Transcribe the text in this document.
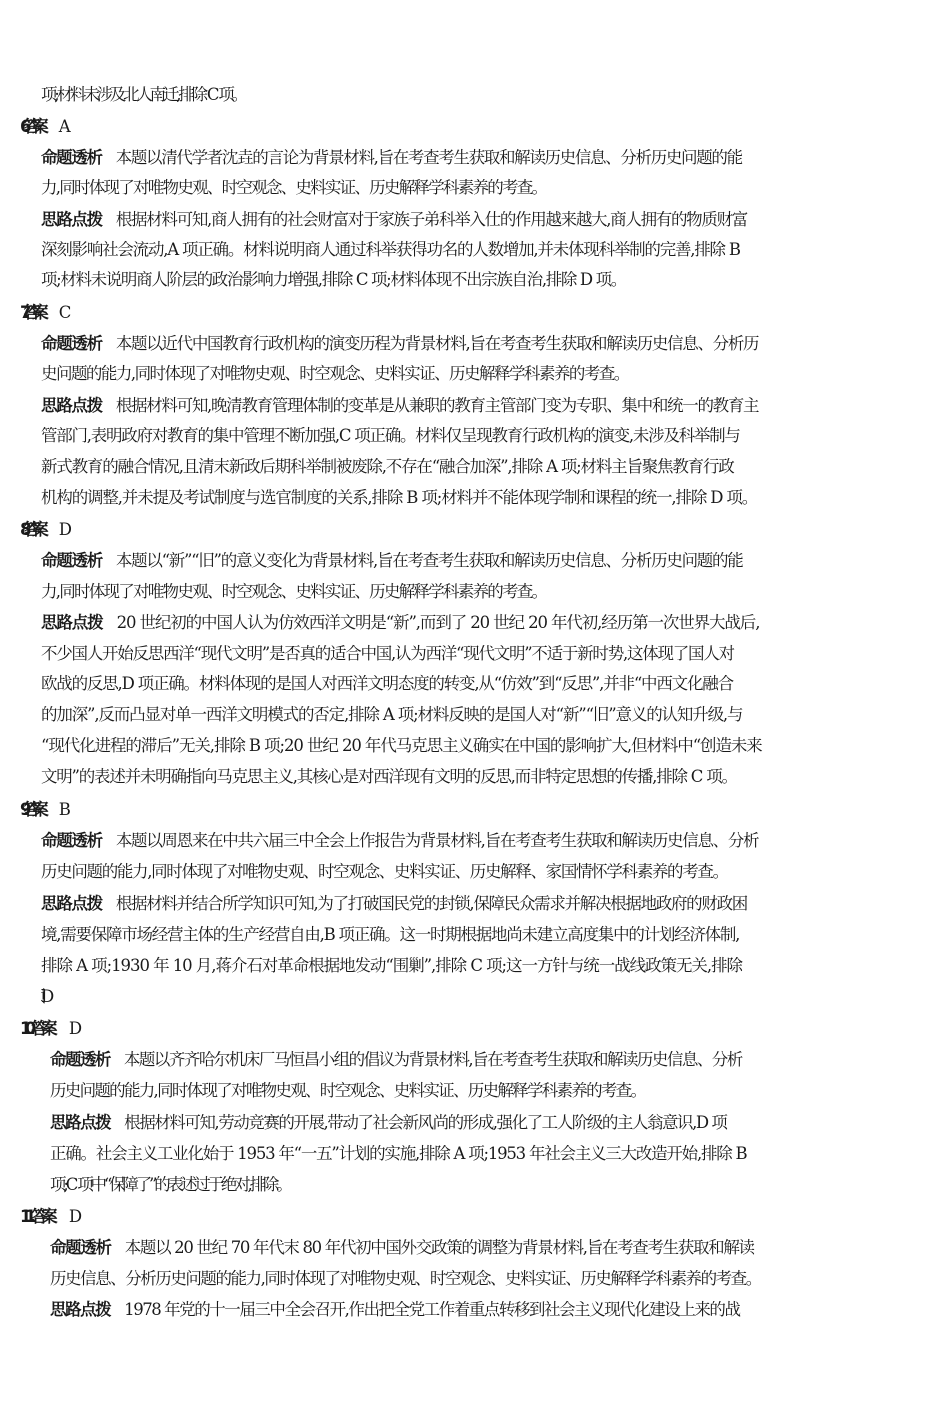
项;材料未涉及北人南迁,排除 C 项。
6. 答案 A
命题透析 本题以清代学者沈垚的言论为背景材料,旨在考查考生获取和解读历史信息、分析历史问题的能
力,同时体现了对唯物史观、时空观念、史料实证、历史解释学科素养的考查。
思路点拨 根据材料可知,商人拥有的社会财富对于家族子弟科举入仕的作用越来越大,商人拥有的物质财富
深刻影响社会流动,A 项正确。材料说明商人通过科举获得功名的人数增加,并未体现科举制的完善,排除 B
项;材料未说明商人阶层的政治影响力增强,排除 C 项;材料体现不出宗族自治,排除 D 项。
7. 答案 C
命题透析 本题以近代中国教育行政机构的演变历程为背景材料,旨在考查考生获取和解读历史信息、分析历
史问题的能力,同时体现了对唯物史观、时空观念、史料实证、历史解释学科素养的考查。
思路点拨 根据材料可知,晚清教育管理体制的变革是从兼职的教育主管部门变为专职、集中和统一的教育主
管部门,表明政府对教育的集中管理不断加强,C 项正确。材料仅呈现教育行政机构的演变,未涉及科举制与
新式教育的融合情况,且清末新政后期科举制被废除,不存在“融合加深”,排除 A 项;材料主旨聚焦教育行政
机构的调整,并未提及考试制度与选官制度的关系,排除 B 项;材料并不能体现学制和课程的统一,排除 D 项。
8. 答案 D
命题透析 本题以“新”“旧”的意义变化为背景材料,旨在考查考生获取和解读历史信息、分析历史问题的能
力,同时体现了对唯物史观、时空观念、史料实证、历史解释学科素养的考查。
思路点拨 20 世纪初的中国人认为仿效西洋文明是“新”,而到了 20 世纪 20 年代初,经历第一次世界大战后,
不少国人开始反思西洋“现代文明”是否真的适合中国,认为西洋“现代文明”不适于新时势,这体现了国人对
欧战的反思,D 项正确。材料体现的是国人对西洋文明态度的转变,从“仿效”到“反思”,并非“中西文化融合
的加深”,反而凸显对单一西洋文明模式的否定,排除 A 项;材料反映的是国人对“新”“旧”意义的认知升级,与
“现代化进程的滞后”无关,排除 B 项;20 世纪 20 年代马克思主义确实在中国的影响扩大,但材料中“创造未来
文明”的表述并未明确指向马克思主义,其核心是对西洋现有文明的反思,而非特定思想的传播,排除 C 项。
9. 答案 B
命题透析 本题以周恩来在中共六届三中全会上作报告为背景材料,旨在考查考生获取和解读历史信息、分析
历史问题的能力,同时体现了对唯物史观、时空观念、史料实证、历史解释、家国情怀学科素养的考查。
思路点拨 根据材料并结合所学知识可知,为了打破国民党的封锁,保障民众需求并解决根据地政府的财政困
境,需要保障市场经营主体的生产经营自由,B 项正确。这一时期根据地尚未建立高度集中的计划经济体制,
排除 A 项;1930 年 10 月,蒋介石对革命根据地发动“围剿”,排除 C 项;这一方针与统一战线政策无关,排除
10. 答案 D
命题透析 本题以齐齐哈尔机床厂马恒昌小组的倡议为背景材料,旨在考查考生获取和解读历史信息、分析
历史问题的能力,同时体现了对唯物史观、时空观念、史料实证、历史解释学科素养的考查。
思路点拨 根据材料可知,劳动竞赛的开展,带动了社会新风尚的形成,强化了工人阶级的主人翁意识,D 项
正确。社会主义工业化始于 1953 年“一五”计划的实施,排除 A 项;1953 年社会主义三大改造开始,排除 B
项;C 项中“保障了”的表述过于绝对,排除。
11. 答案 D
命题透析 本题以 20 世纪 70 年代末 80 年代初中国外交政策的调整为背景材料,旨在考查考生获取和解读
历史信息、分析历史问题的能力,同时体现了对唯物史观、时空观念、史料实证、历史解释学科素养的考查。
思路点拨 1978 年党的十一届三中全会召开,作出把全党工作着重点转移到社会主义现代化建设上来的战
